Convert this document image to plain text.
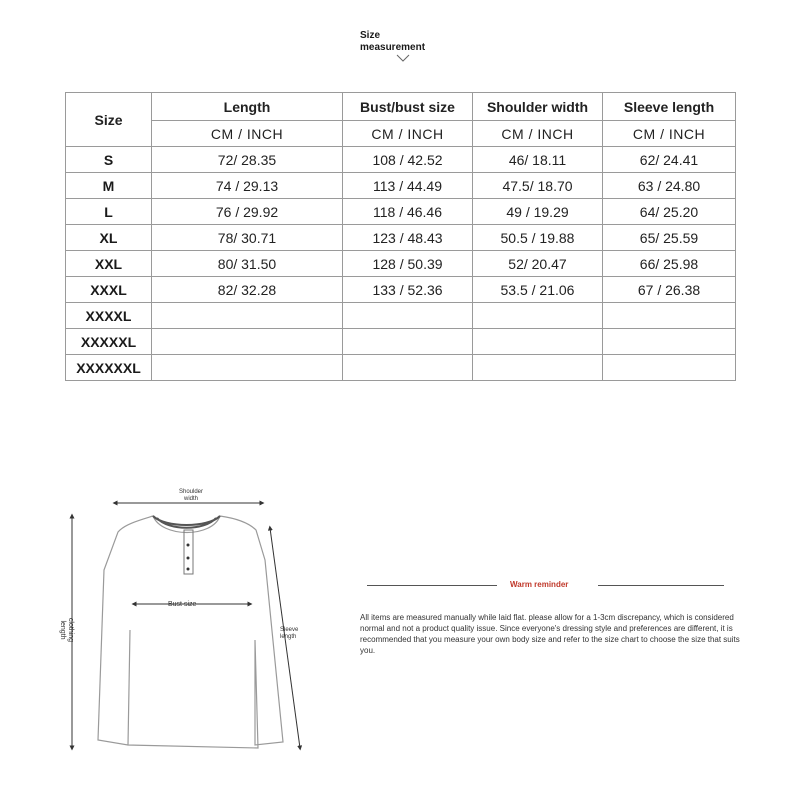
Size
measurement
Size	Length	Bust/bust size	Shoulder width	Sleeve length
	CM / INCH	CM / INCH	CM / INCH	CM / INCH
S	72/ 28.35	108 / 42.52	46/ 18.11	62/ 24.41
M	74 / 29.13	113 / 44.49	47.5/ 18.70	63 / 24.80
L	76 / 29.92	118 / 46.46	49 / 19.29	64/ 25.20
XL	78/ 30.71	123 / 48.43	50.5 / 19.88	65/ 25.59
XXL	80/ 31.50	128 / 50.39	52/ 20.47	66/ 25.98
XXXL	82/ 32.28	133 / 52.36	53.5 / 21.06	67 / 26.38
XXXXL				
XXXXXL				
XXXXXXL				
Shoulder
width
Bust size
clothing
length	Sleeve
length
Warm reminder
All items are measured manually while laid flat. please allow for a 1-3cm discrepancy, which is considered normal and not a product quality issue. Since everyone's dressing style and preferences are different, it is recommended that you measure your own body size and refer to the size chart to choose the size that suits you.
